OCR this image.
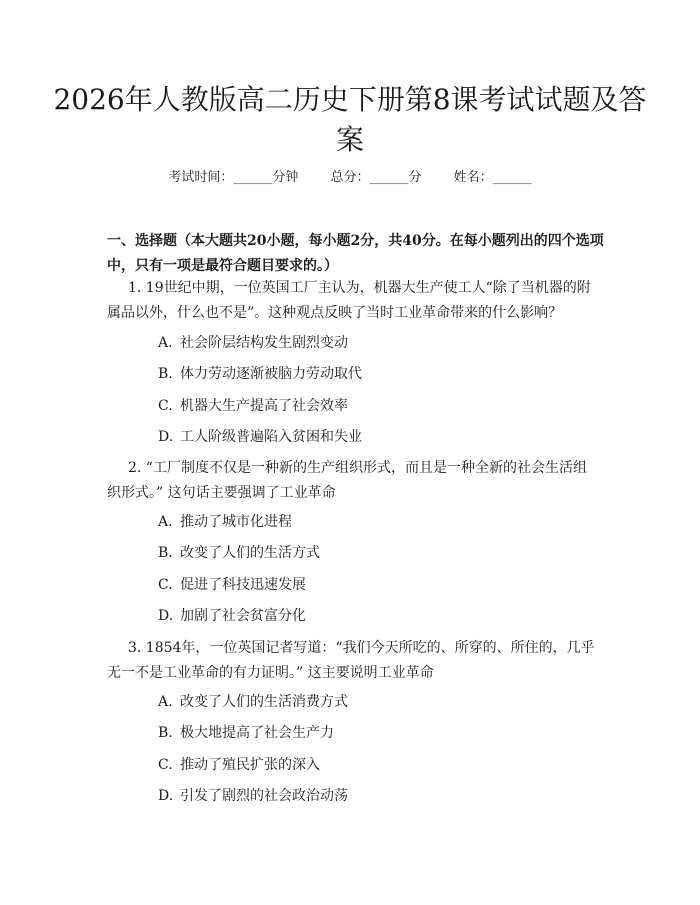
2026年人教版高二历史下册第8课考试试题及答案
考试时间：______分钟 总分：______分 姓名：______
一、选择题（本大题共20小题，每小题2分，共40分。在每小题列出的四个选项中，只有一项是最符合题目要求的。）
1. 19世纪中期，一位英国工厂主认为，机器大生产使工人“除了当机器的附属品以外，什么也不是”。这种观点反映了当时工业革命带来的什么影响？
A. 社会阶层结构发生剧烈变动
B. 体力劳动逐渐被脑力劳动取代
C. 机器大生产提高了社会效率
D. 工人阶级普遍陷入贫困和失业
2. “工厂制度不仅是一种新的生产组织形式，而且是一种全新的社会生活组织形式。” 这句话主要强调了工业革命
A. 推动了城市化进程
B. 改变了人们的生活方式
C. 促进了科技迅速发展
D. 加剧了社会贫富分化
3. 1854年，一位英国记者写道：“我们今天所吃的、所穿的、所住的，几乎无一不是工业革命的有力证明。” 这主要说明工业革命
A. 改变了人们的生活消费方式
B. 极大地提高了社会生产力
C. 推动了殖民扩张的深入
D. 引发了剧烈的社会政治动荡
